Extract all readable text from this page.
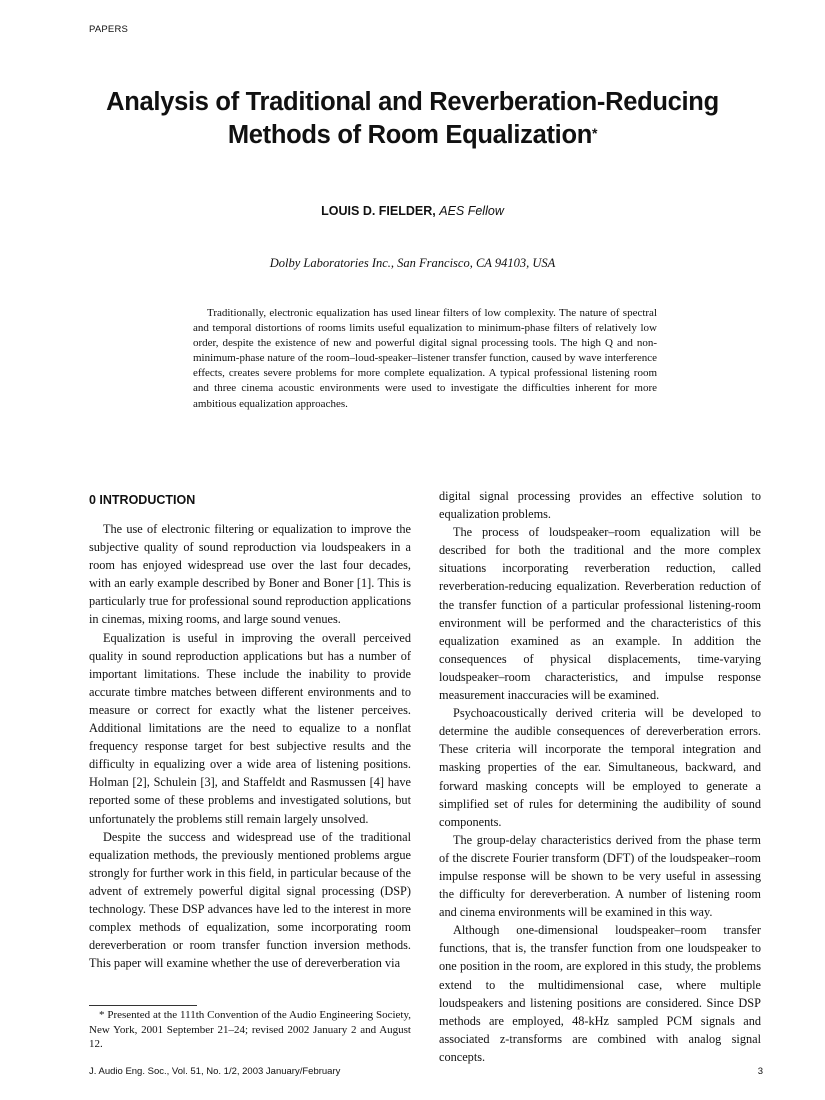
PAPERS
Analysis of Traditional and Reverberation-Reducing Methods of Room Equalization*
LOUIS D. FIELDER, AES Fellow
Dolby Laboratories Inc., San Francisco, CA 94103, USA

Traditionally, electronic equalization has used linear filters of low complexity. The nature of spectral and temporal distortions of rooms limits useful equalization to minimum-phase filters of relatively low order, despite the existence of new and powerful digital signal processing tools. The high Q and non-minimum-phase nature of the room–loud-speaker–listener transfer function, caused by wave interference effects, creates severe problems for more complete equalization. A typical professional listening room and three cinema acoustic environments were used to investigate the difficulties inherent for more ambitious equalization approaches.

0 INTRODUCTION

The use of electronic filtering or equalization to improve the subjective quality of sound reproduction via loudspeakers in a room has enjoyed widespread use over the last four decades, with an early example described by Boner and Boner [1]. This is particularly true for professional sound reproduction applications in cinemas, mixing rooms, and large sound venues.

Equalization is useful in improving the overall perceived quality in sound reproduction applications but has a number of important limitations. These include the inability to provide accurate timbre matches between different environments and to measure or correct for exactly what the listener perceives. Additional limitations are the need to equalize to a nonflat frequency response target for best subjective results and the difficulty in equalizing over a wide area of listening positions. Holman [2], Schulein [3], and Staffeldt and Rasmussen [4] have reported some of these problems and investigated solutions, but unfortunately the problems still remain largely unsolved.

Despite the success and widespread use of the traditional equalization methods, the previously mentioned problems argue strongly for further work in this field, in particular because of the advent of extremely powerful digital signal processing (DSP) technology. These DSP advances have led to the interest in more complex methods of equalization, some incorporating room dereverberation or room transfer function inversion methods. This paper will examine whether the use of dereverberation via

digital signal processing provides an effective solution to equalization problems.

The process of loudspeaker–room equalization will be described for both the traditional and the more complex situations incorporating reverberation reduction, called reverberation-reducing equalization. Reverberation reduction of the transfer function of a particular professional listening-room environment will be performed and the characteristics of this equalization examined as an example. In addition the consequences of physical displacements, time-varying loudspeaker–room characteristics, and impulse response measurement inaccuracies will be examined.

Psychoacoustically derived criteria will be developed to determine the audible consequences of dereverberation errors. These criteria will incorporate the temporal integration and masking properties of the ear. Simultaneous, backward, and forward masking concepts will be employed to generate a simplified set of rules for determining the audibility of sound components.

The group-delay characteristics derived from the phase term of the discrete Fourier transform (DFT) of the loudspeaker–room impulse response will be shown to be very useful in assessing the difficulty for dereverberation. A number of listening room and cinema environments will be examined in this way.

Although one-dimensional loudspeaker–room transfer functions, that is, the transfer function from one loudspeaker to one position in the room, are explored in this study, the problems extend to the multidimensional case, where multiple loudspeakers and listening positions are considered. Since DSP methods are employed, 48-kHz sampled PCM signals and associated z-transforms are combined with analog signal concepts.

* Presented at the 111th Convention of the Audio Engineering Society, New York, 2001 September 21–24; revised 2002 January 2 and August 12.

J. Audio Eng. Soc., Vol. 51, No. 1/2, 2003 January/February	3
